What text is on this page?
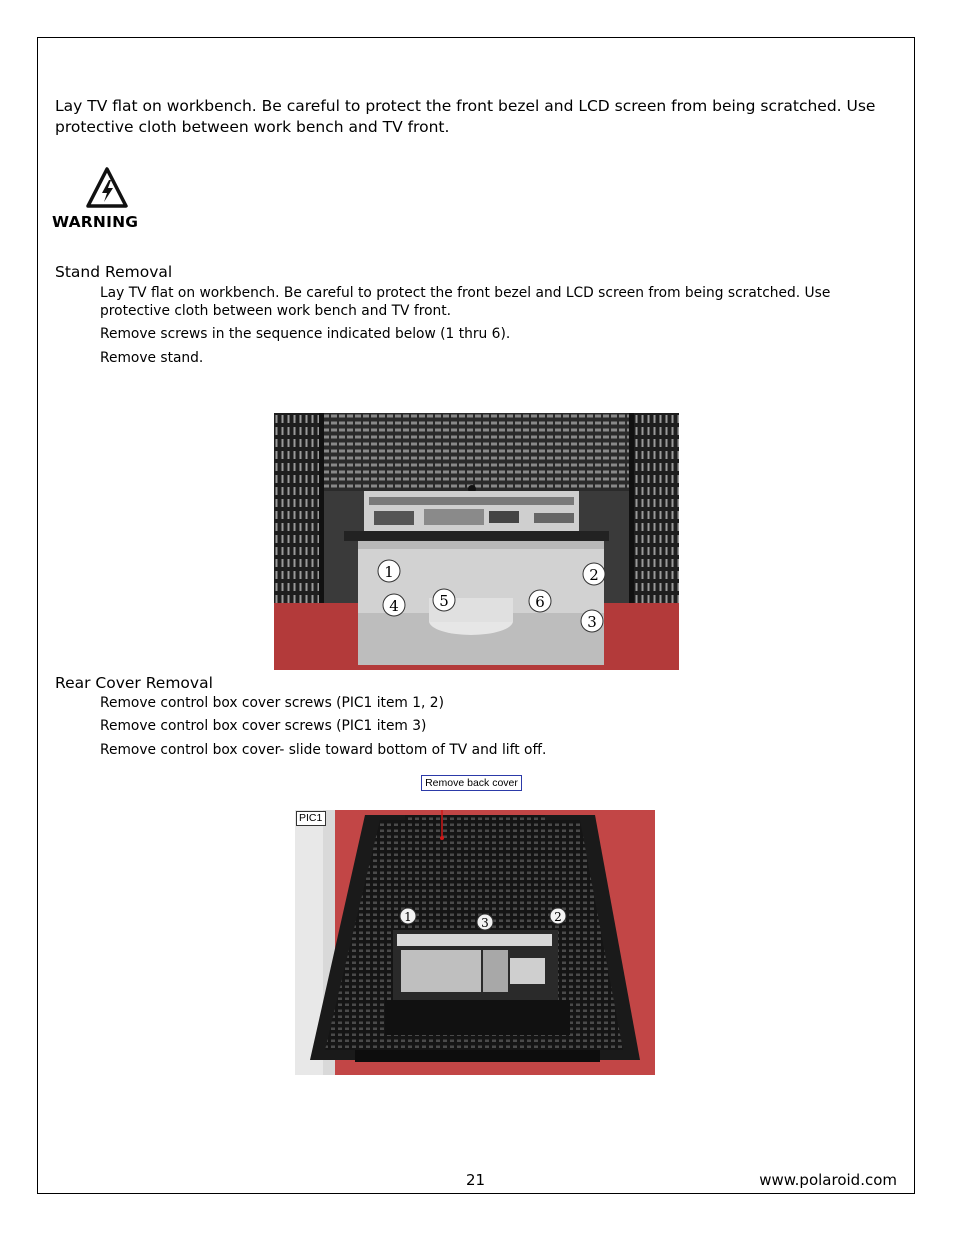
Lay TV flat on workbench. Be careful to protect the front bezel and LCD screen from being scratched. Use protective cloth between work bench and TV front.

WARNING
Stand Removal

Lay TV flat on workbench. Be careful to protect the front bezel and LCD screen from being scratched. Use protective cloth between work bench and TV front.

Remove screws in the sequence indicated below (1 thru 6).

Remove stand.

1	2
3
4	5	6
Rear Cover Removal

Remove control box cover screws (PIC1 item 1, 2)

Remove control box cover screws (PIC1 item 3)

Remove control box cover- slide toward bottom of TV and lift off.

Remove back cover
PIC1
1	3	2
21	www.polaroid.com
